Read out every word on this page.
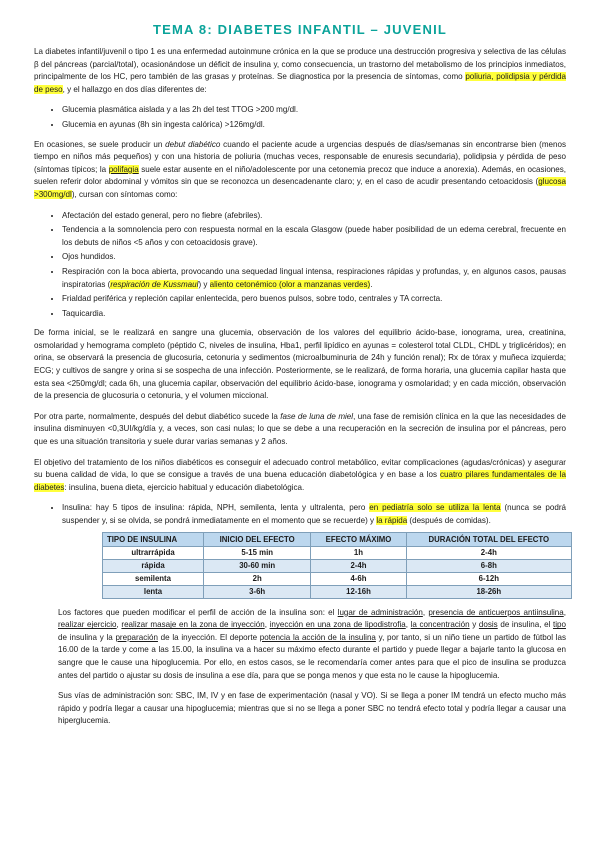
TEMA 8: DIABETES INFANTIL – JUVENIL

La diabetes infantil/juvenil o tipo 1 es una enfermedad autoinmune crónica en la que se produce una destrucción progresiva y selectiva de las células β del páncreas (parcial/total), ocasionándose un déficit de insulina y, como consecuencia, un trastorno del metabolismo de los principios inmediatos, principalmente de los HC, pero también de las grasas y proteínas. Se diagnostica por la presencia de síntomas, como poliuria, polidipsia y pérdida de peso, y el hallazgo en dos días diferentes de:

• Glucemia plasmática aislada y a las 2h del test TTOG >200 mg/dl.
• Glucemia en ayunas (8h sin ingesta calórica) >126mg/dl.

En ocasiones, se suele producir un debut diabético cuando el paciente acude a urgencias después de días/semanas sin encontrarse bien (menos tiempo en niños más pequeños) y con una historia de poliuria (muchas veces, responsable de enuresis secundaria), polidipsia y pérdida de peso (síntomas típicos; la polifagia suele estar ausente en el niño/adolescente por una cetonemia precoz que induce a anorexia). Además, en ocasiones, suelen referir dolor abdominal y vómitos sin que se reconozca un desencadenante claro; y, en el caso de acudir presentando cetoacidosis (glucosa >300mg/dl), cursan con síntomas como:

• Afectación del estado general, pero no fiebre (afebriles).
• Tendencia a la somnolencia pero con respuesta normal en la escala Glasgow (puede haber posibilidad de un edema cerebral, frecuente en los debuts de niños <5 años y con cetoacidosis grave).
• Ojos hundidos.
• Respiración con la boca abierta, provocando una sequedad lingual intensa, respiraciones rápidas y profundas, y, en algunos casos, pausas inspiratorias (respiración de Kussmaul) y aliento cetonémico (olor a manzanas verdes).
• Frialdad periférica y repleción capilar enlentecida, pero buenos pulsos, sobre todo, centrales y TA correcta.
• Taquicardia.

De forma inicial, se le realizará en sangre una glucemia, observación de los valores del equilibrio ácido-base, ionograma, urea, creatinina, osmolaridad y hemograma completo (péptido C, niveles de insulina, Hba1, perfil lipídico en ayunas = colesterol total CLDL, CHDL y triglicéridos); en orina, se observará la presencia de glucosuria, cetonuria y sedimentos (microalbuminuria de 24h y función renal); Rx de tórax y muñeca izquierda; ECG; y cultivos de sangre y orina si se sospecha de una infección. Posteriormente, se le realizará, de forma horaria, una glucemia capilar hasta que esta sea <250mg/dl; cada 6h, una glucemia capilar, observación del equilibrio ácido-base, ionograma y osmolaridad; y en cada micción, observación de la presencia de glucosuria o cetonuria, y el volumen miccional.

Por otra parte, normalmente, después del debut diabético sucede la fase de luna de miel, una fase de remisión clínica en la que las necesidades de insulina disminuyen <0,3UI/kg/día y, a veces, son casi nulas; lo que se debe a una recuperación en la secreción de insulina por el páncreas, pero que es una situación transitoria y suele durar varias semanas y 2 años.

El objetivo del tratamiento de los niños diabéticos es conseguir el adecuado control metabólico, evitar complicaciones (agudas/crónicas) y asegurar su buena calidad de vida, lo que se consigue a través de una buena educación diabetológica y en base a los cuatro pilares fundamentales de la diabetes: insulina, buena dieta, ejercicio habitual y educación diabetológica.

• Insulina: hay 5 tipos de insulina: rápida, NPH, semilenta, lenta y ultralenta, pero en pediatría solo se utiliza la lenta (nunca se podrá suspender y, si se olvida, se pondrá inmediatamente en el momento que se recuerde) y la rápida (después de comidas).
TIPO DE INSULINA	INICIO DEL EFECTO	EFECTO MÁXIMO	DURACIÓN TOTAL DEL EFECTO
ultrarrápida	5-15 min	1h	2-4h
rápida	30-60 min	2-4h	6-8h
semilenta	2h	4-6h	6-12h
lenta	3-6h	12-16h	18-26h

Los factores que pueden modificar el perfil de acción de la insulina son: el lugar de administración, presencia de anticuerpos antiinsulina, realizar ejercicio, realizar masaje en la zona de inyección, inyección en una zona de lipodistrofia, la concentración y dosis de insulina, el tipo de insulina y la preparación de la inyección. El deporte potencia la acción de la insulina y, por tanto, si un niño tiene un partido de fútbol las 16.00 de la tarde y come a las 15.00, la insulina va a hacer su máximo efecto durante el partido y puede llegar a bajarle tanto la glucosa en sangre que le cause una hipoglucemia. Por ello, en estos casos, se le recomendaría comer antes para que el pico de insulina se produzca antes del partido o ajustar su dosis de insulina a ese día, para que se ponga menos y que esta no le cause la hipoglucemia.

Sus vías de administración son: SBC, IM, IV y en fase de experimentación (nasal y VO). Si se llega a poner IM tendrá un efecto mucho más rápido y podría llegar a causar una hipoglucemia; mientras que si no se llega a poner SBC no tendrá efecto total y podría llegar a causar una hiperglucemia.
